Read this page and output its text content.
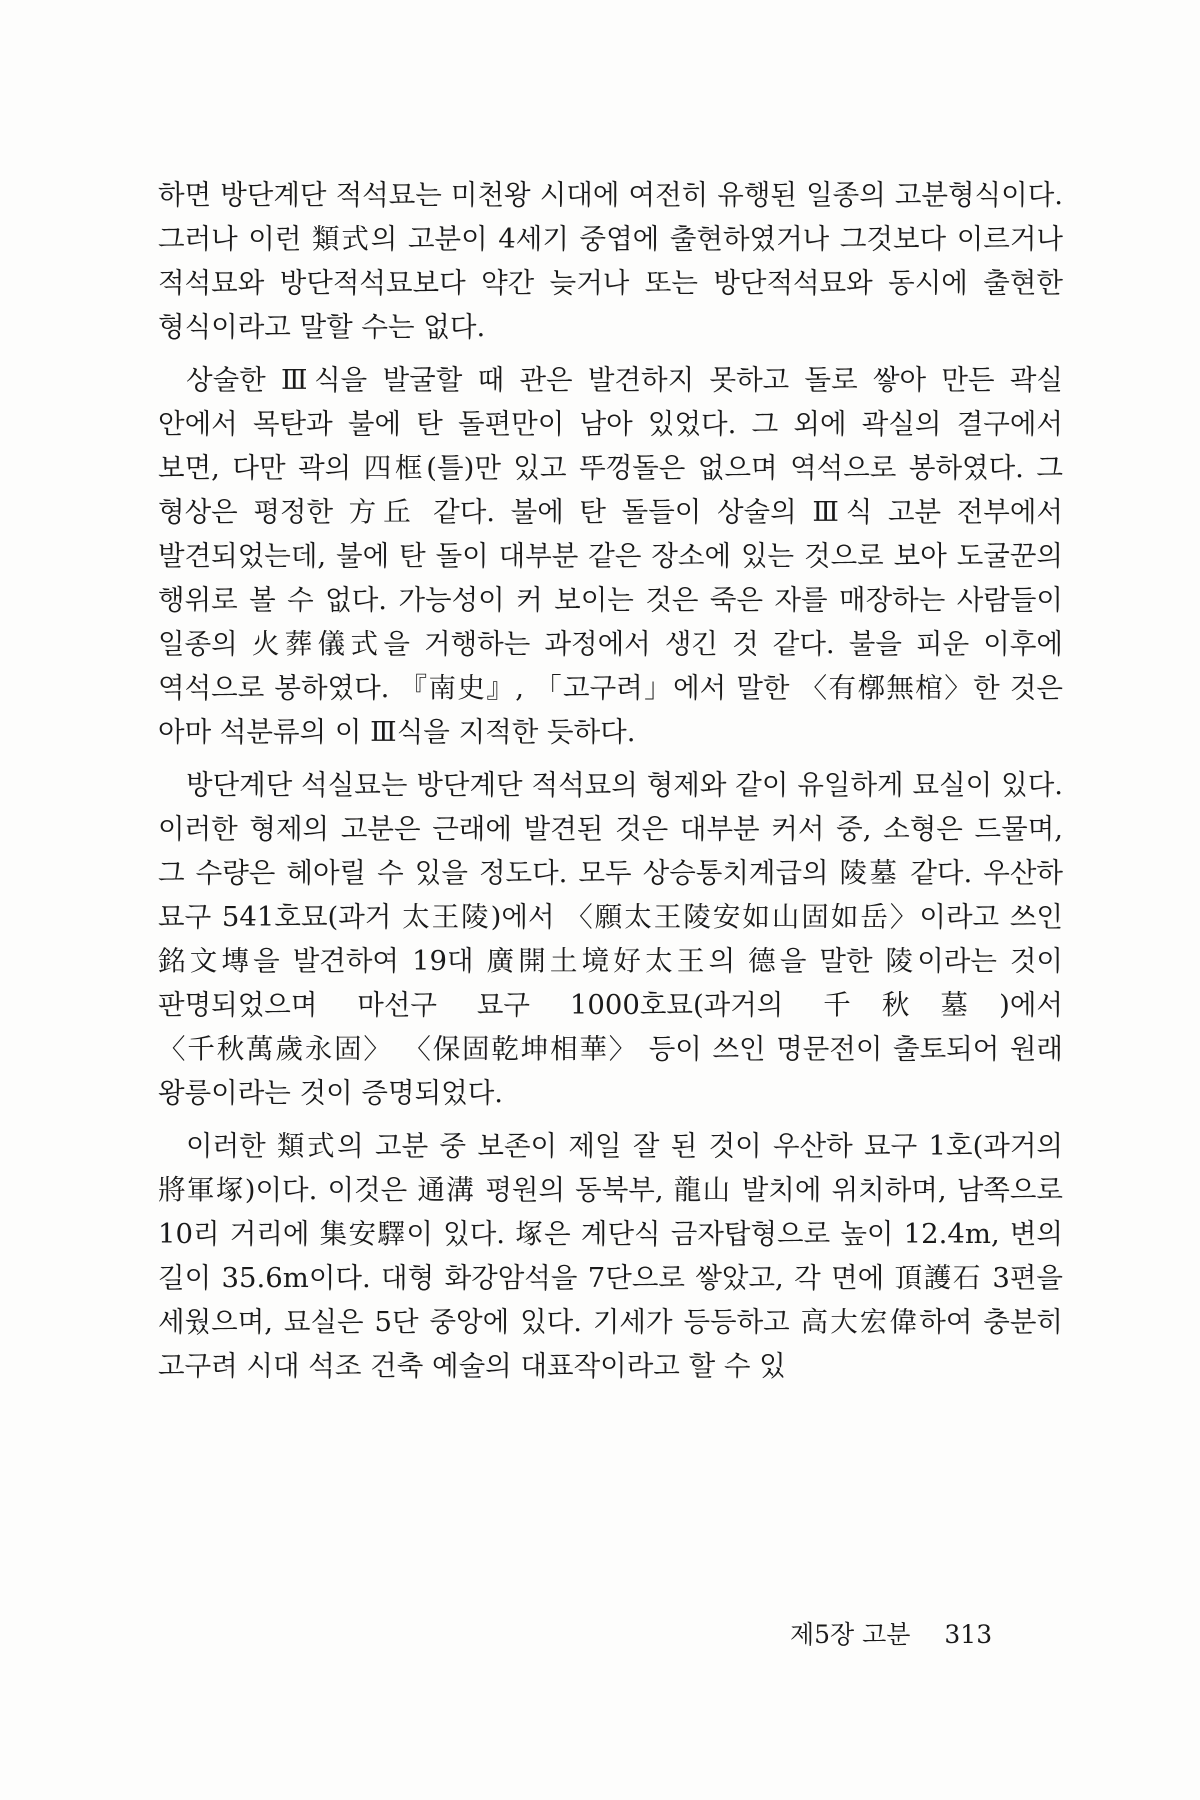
하면 방단계단 적석묘는 미천왕 시대에 여전히 유행된 일종의 고분형식이다. 그러나 이런 類式의 고분이 4세기 중엽에 출현하였거나 그것보다 이르거나 적석묘와 방단적석묘보다 약간 늦거나 또는 방단적석묘와 동시에 출현한 형식이라고 말할 수는 없다.

상술한 Ⅲ식을 발굴할 때 관은 발견하지 못하고 돌로 쌓아 만든 곽실 안에서 목탄과 불에 탄 돌편만이 남아 있었다. 그 외에 곽실의 결구에서 보면, 다만 곽의 四框(틀)만 있고 뚜껑돌은 없으며 역석으로 봉하였다. 그 형상은 평정한 方丘 같다. 불에 탄 돌들이 상술의 Ⅲ식 고분 전부에서 발견되었는데, 불에 탄 돌이 대부분 같은 장소에 있는 것으로 보아 도굴꾼의 행위로 볼 수 없다. 가능성이 커 보이는 것은 죽은 자를 매장하는 사람들이 일종의 火葬儀式을 거행하는 과정에서 생긴 것 같다. 불을 피운 이후에 역석으로 봉하였다. 『南史』, 「고구려」에서 말한 〈有槨無棺〉한 것은 아마 석분류의 이 Ⅲ식을 지적한 듯하다.

방단계단 석실묘는 방단계단 적석묘의 형제와 같이 유일하게 묘실이 있다. 이러한 형제의 고분은 근래에 발견된 것은 대부분 커서 중, 소형은 드물며, 그 수량은 헤아릴 수 있을 정도다. 모두 상승통치계급의 陵墓 같다. 우산하 묘구 541호묘(과거 太王陵)에서 〈願太王陵安如山固如岳〉이라고 쓰인 銘文塼을 발견하여 19대 廣開土境好太王의 德을 말한 陵이라는 것이 판명되었으며 마선구 묘구 1000호묘(과거의 千秋墓)에서 〈千秋萬歲永固〉 〈保固乾坤相華〉 등이 쓰인 명문전이 출토되어 원래 왕릉이라는 것이 증명되었다.

이러한 類式의 고분 중 보존이 제일 잘 된 것이 우산하 묘구 1호(과거의 將軍塚)이다. 이것은 通溝 평원의 동북부, 龍山 발치에 위치하며, 남쪽으로 10리 거리에 集安驛이 있다. 塚은 계단식 금자탑형으로 높이 12.4m, 변의 길이 35.6m이다. 대형 화강암석을 7단으로 쌓았고, 각 면에 頂護石 3편을 세웠으며, 묘실은 5단 중앙에 있다. 기세가 등등하고 高大宏偉하여 충분히 고구려 시대 석조 건축 예술의 대표작이라고 할 수 있

제5장 고분 313
